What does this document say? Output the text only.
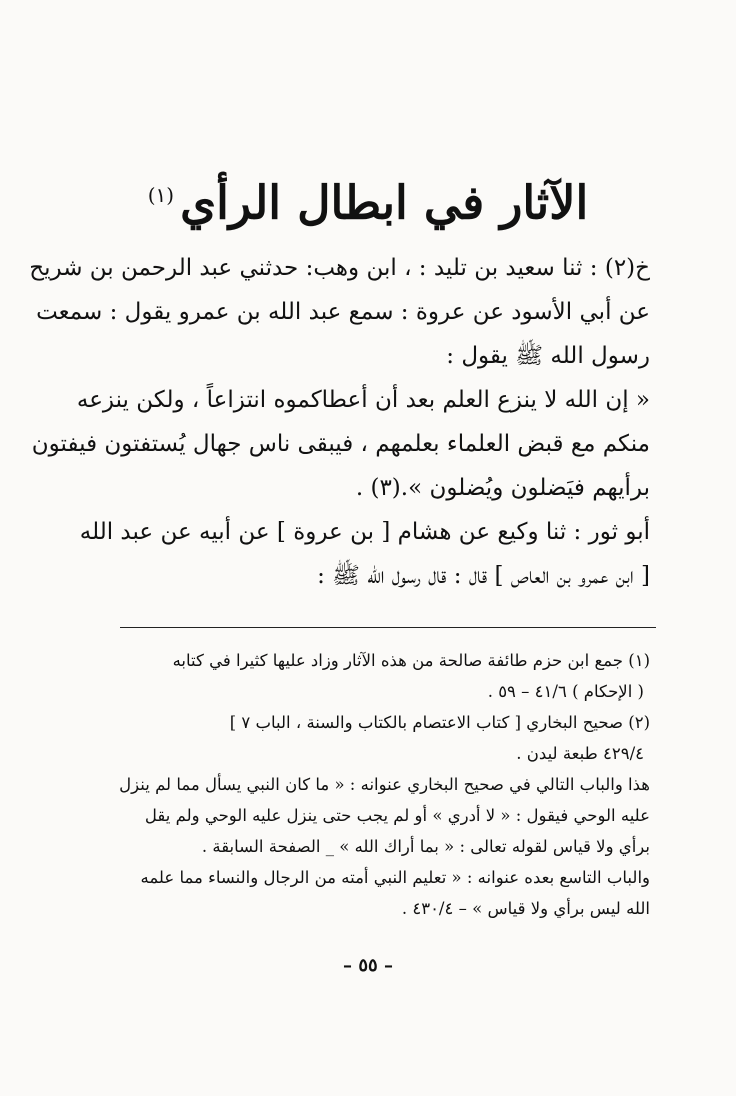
الآثار في ابطال الرأي$^{(١)}$

خ(٢) : ثنا سعيد بن تليد : ، ابن وهب: حدثني عبد الرحمن بن شريح

عن أبي الأسود عن عروة : سمع عبد الله بن عمرو يقول : سمعت

رسول الله ﷺ يقول :

« إن الله لا ينزع العلم بعد أن أعطاكموه انتزاعاً ، ولكن ينزعه

منكم مع قبض العلماء بعلمهم ، فيبقى ناس جهال يُستفتون فيفتون

برأيهم فيَضلون ويُضلون ».(٣) .

أبو ثور : ثنا وكيع عن هشام [ بن عروة ] عن أبيه عن عبد الله

[ ابن عمرو بن العاص ] قال : قال رسول الله ﷺ :

(١) جمع ابن حزم طائفة صالحة من هذه الآثار وزاد عليها كثيرا في كتابه

( الإحكام ) ٤١/٦ – ٥٩ .

(٢) صحيح البخاري [ كتاب الاعتصام بالكتاب والسنة ، الباب ٧ ]

٤٢٩/٤ طبعة ليدن .

هذا والباب التالي في صحيح البخاري عنوانه : « ما كان النبي يسأل مما لم ينزل

عليه الوحي فيقول : « لا أدري » أو لم يجب حتى ينزل عليه الوحي ولم يقل

برأي ولا قياس لقوله تعالى : « بما أراك الله » _ الصفحة السابقة .

والباب التاسع بعده عنوانه : « تعليم النبي أمته من الرجال والنساء مما علمه

الله ليس برأي ولا قياس » – ٤٣٠/٤ .

– ٥٥ –
